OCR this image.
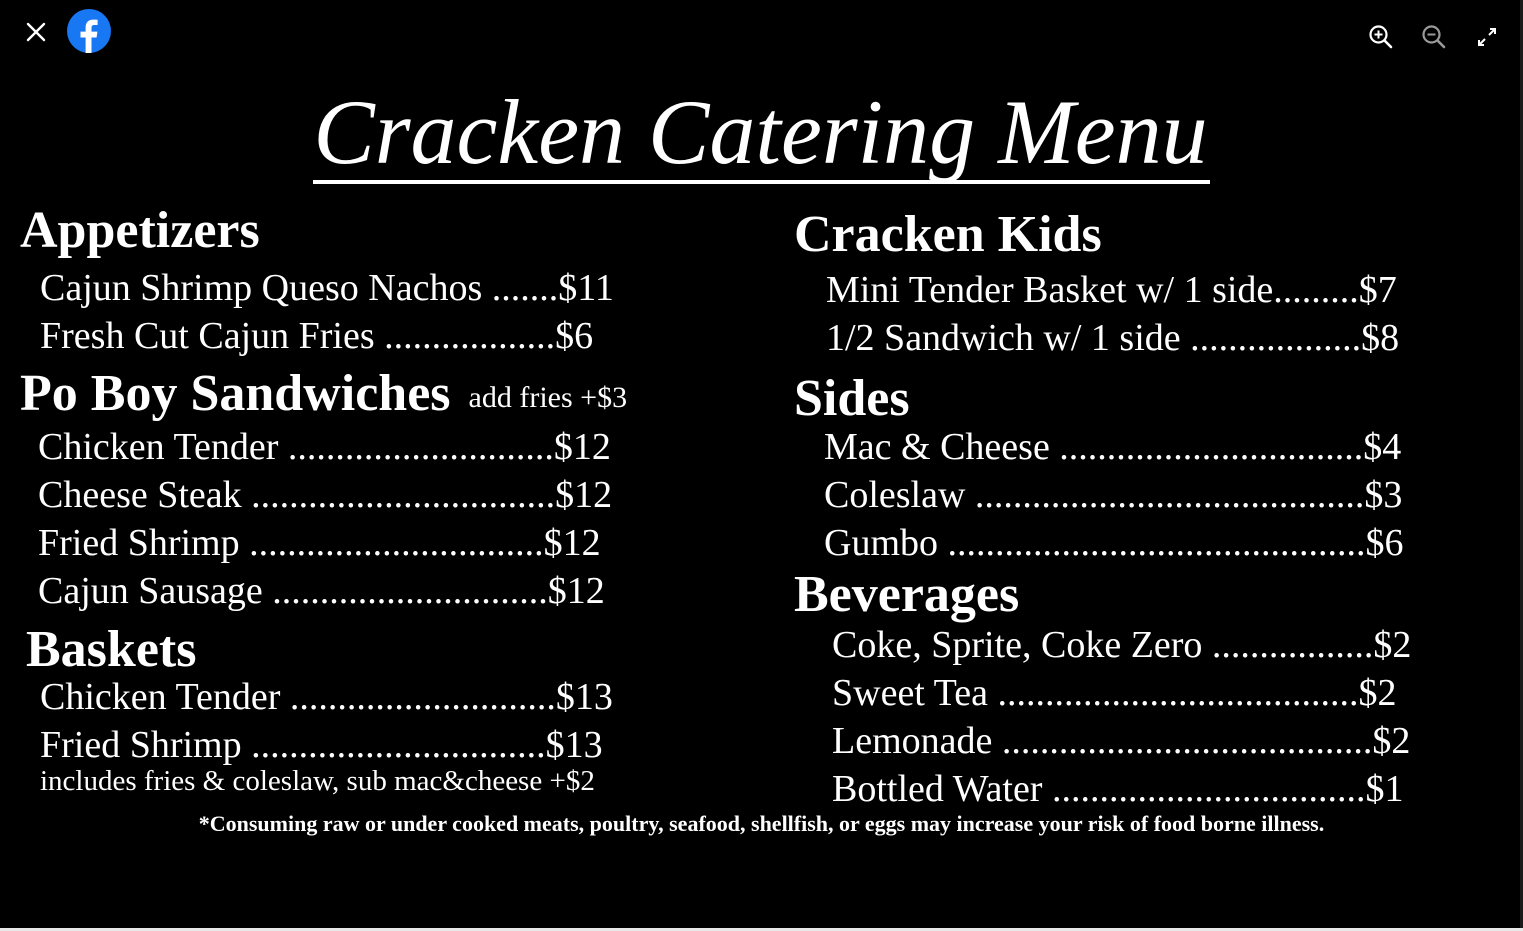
Cracken Catering Menu
Appetizers
Cajun Shrimp Queso Nachos .......$11
Fresh Cut Cajun Fries ..................$6
Po Boy Sandwiches add fries +$3
Chicken Tender ............................$12
Cheese Steak ................................$12
Fried Shrimp ...............................$12
Cajun Sausage .............................$12
Baskets
Chicken Tender ............................$13
Fried Shrimp ...............................$13
includes fries & coleslaw, sub mac&cheese +$2
Cracken Kids
Mini Tender Basket w/ 1 side.........$7
1/2 Sandwich w/ 1 side ..................$8
Sides
Mac & Cheese ................................$4
Coleslaw .........................................$3
Gumbo ............................................$6
Beverages
Coke, Sprite, Coke Zero .................$2
Sweet Tea ......................................$2
Lemonade .......................................$2
Bottled Water .................................$1
*Consuming raw or under cooked meats, poultry, seafood, shellfish, or eggs may increase your risk of food borne illness.
